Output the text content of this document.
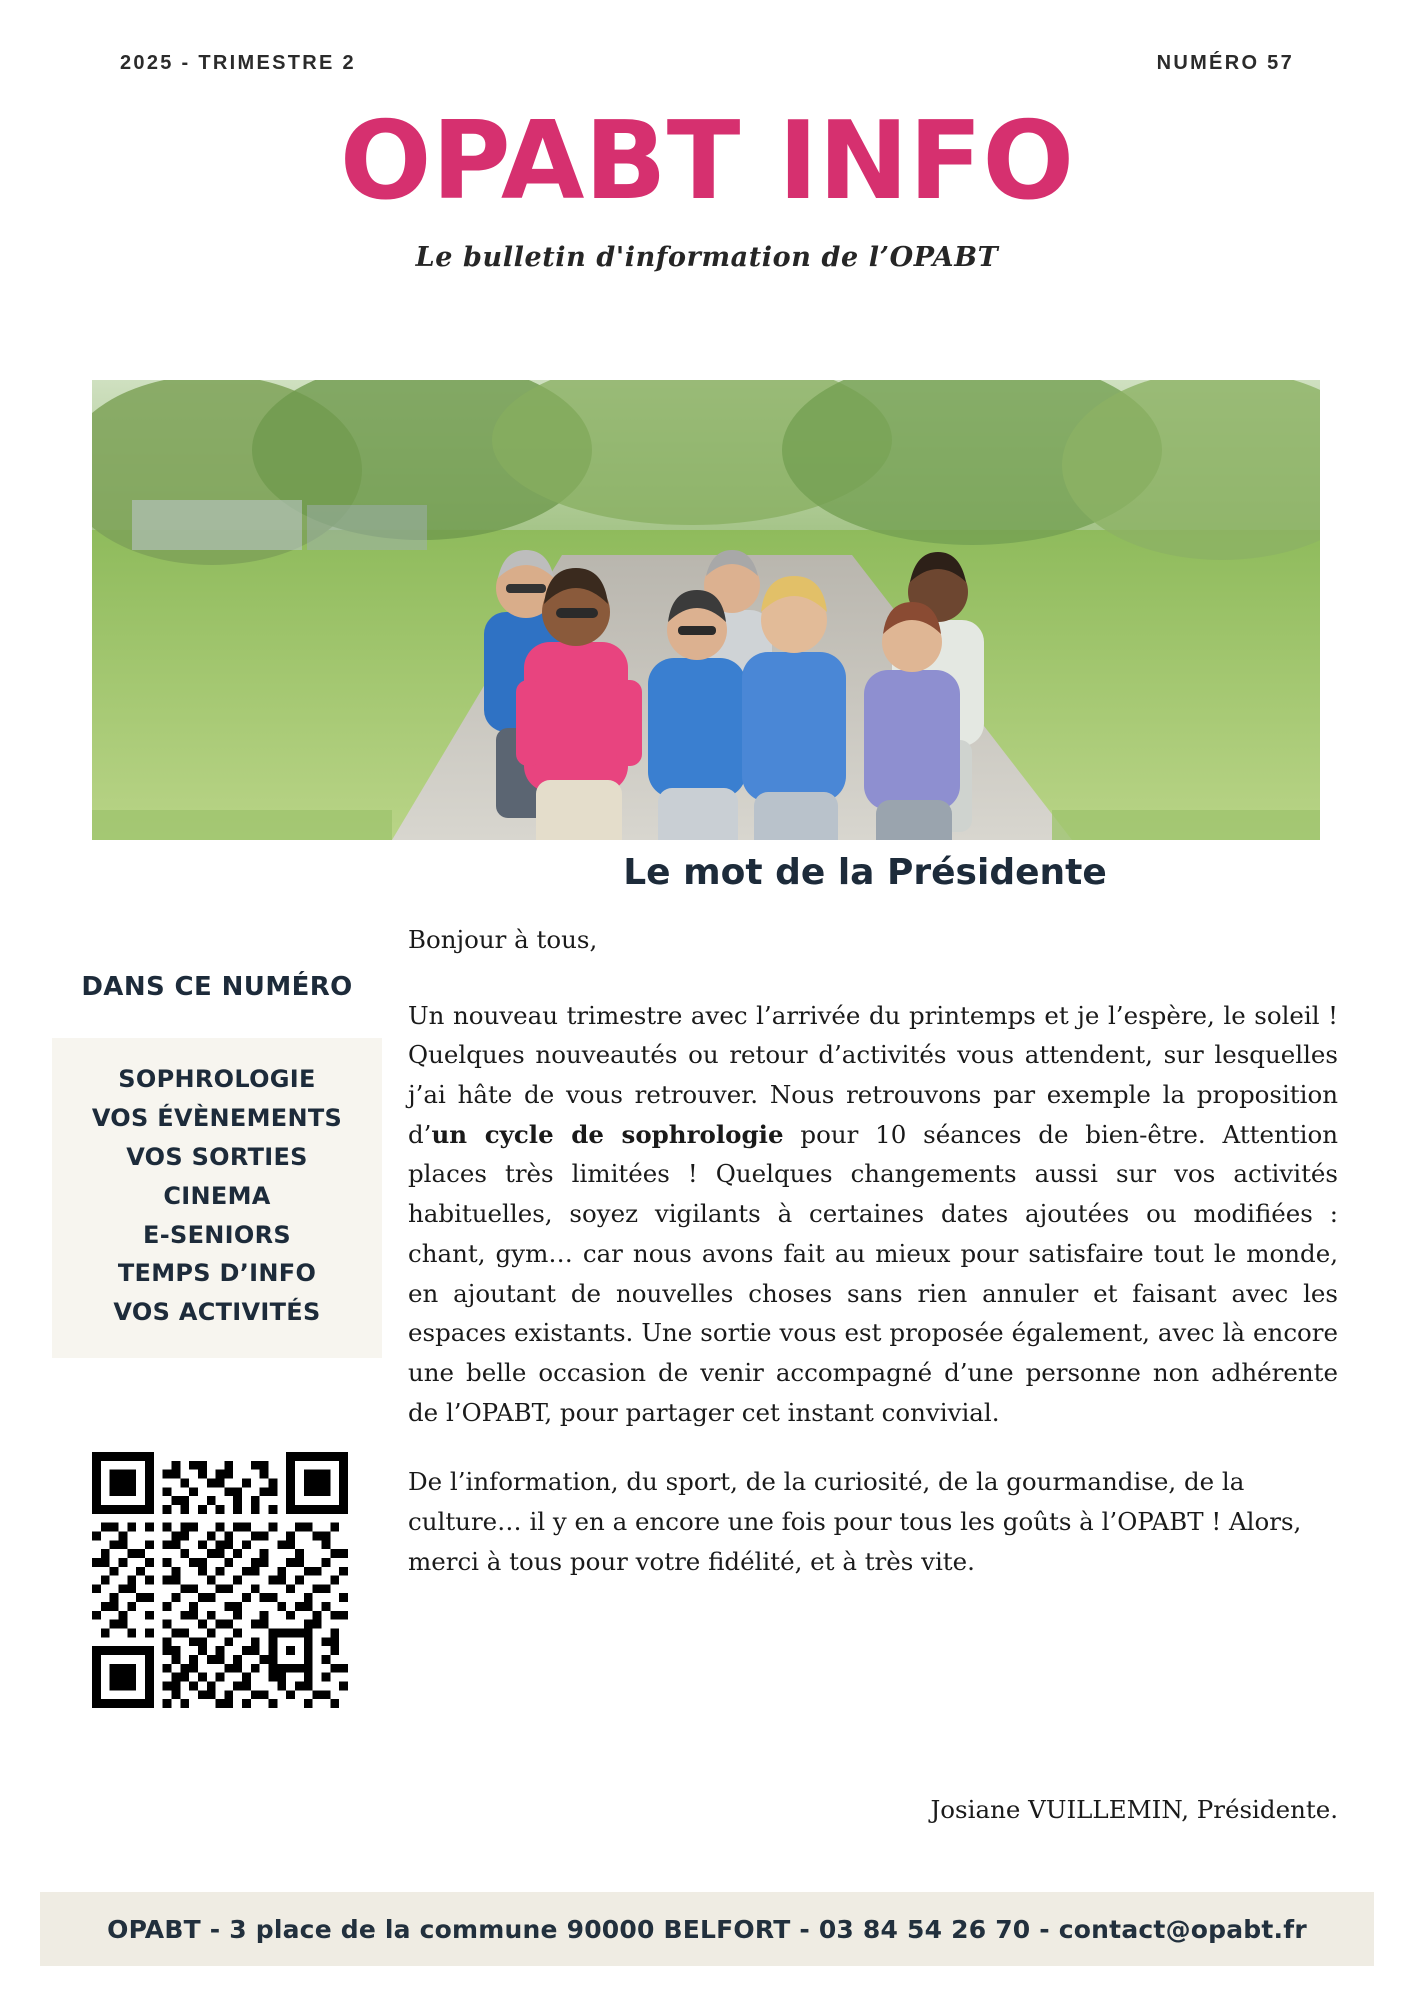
2025 - TRIMESTRE 2	NUMÉRO 57
OPABT INFO
Le bulletin d'information de l’OPABT
Le mot de la Présidente
DANS CE NUMÉRO
SOPHROLOGIE
VOS ÉVÈNEMENTS
VOS SORTIES
CINEMA
E-SENIORS
TEMPS D’INFO
VOS ACTIVITÉS

Bonjour à tous,

Un nouveau trimestre avec l’arrivée du printemps et je l’espère, le soleil ! Quelques nouveautés ou retour d’activités vous attendent, sur lesquelles j’ai hâte de vous retrouver. Nous retrouvons par exemple la proposition d’un cycle de sophrologie pour 10 séances de bien-être. Attention places très limitées ! Quelques changements aussi sur vos activités habituelles, soyez vigilants à certaines dates ajoutées ou modifiées : chant, gym… car nous avons fait au mieux pour satisfaire tout le monde, en ajoutant de nouvelles choses sans rien annuler et faisant avec les espaces existants. Une sortie vous est proposée également, avec là encore une belle occasion de venir accompagné d’une personne non adhérente de l’OPABT, pour partager cet instant convivial.

De l’information, du sport, de la curiosité, de la gourmandise, de la culture… il y en a encore une fois pour tous les goûts à l’OPABT ! Alors, merci à tous pour votre fidélité, et à très vite.

Josiane VUILLEMIN, Présidente.
OPABT - 3 place de la commune 90000 BELFORT - 03 84 54 26 70 - contact@opabt.fr
